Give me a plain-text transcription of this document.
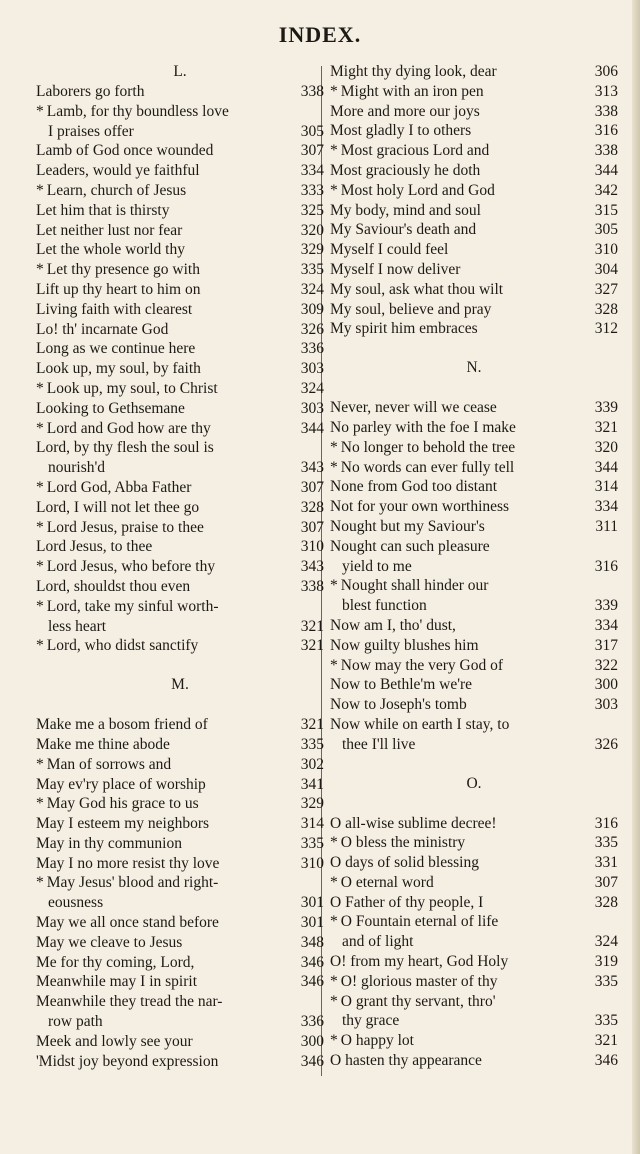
INDEX.
L.
Laborers go forth	338
* Lamb, for thy boundless love
I praises offer	305
Lamb of God once wounded	307
Leaders, would ye faithful	334
* Learn, church of Jesus	333
Let him that is thirsty	325
Let neither lust nor fear	320
Let the whole world thy	329
* Let thy presence go with	335
Lift up thy heart to him on	324
Living faith with clearest	309
Lo! th' incarnate God	326
Long as we continue here	336
Look up, my soul, by faith	303
* Look up, my soul, to Christ	324
Looking to Gethsemane	303
* Lord and God how are thy	344
Lord, by thy flesh the soul is
nourish'd	343
* Lord God, Abba Father	307
Lord, I will not let thee go	328
* Lord Jesus, praise to thee	307
Lord Jesus, to thee	310
* Lord Jesus, who before thy	343
Lord, shouldst thou even	338
* Lord, take my sinful worth-
less heart	321
* Lord, who didst sanctify	321
M.
Make me a bosom friend of	321
Make me thine abode	335
* Man of sorrows and	302
May ev'ry place of worship	341
* May God his grace to us	329
May I esteem my neighbors	314
May in thy communion	335
May I no more resist thy love	310
* May Jesus' blood and right-
eousness	301
May we all once stand before	301
May we cleave to Jesus	348
Me for thy coming, Lord,	346
Meanwhile may I in spirit	346
Meanwhile they tread the nar-
row path	336
Meek and lowly see your	300
'Midst joy beyond expression	346
Might thy dying look, dear	306
* Might with an iron pen	313
More and more our joys	338
Most gladly I to others	316
* Most gracious Lord and	338
Most graciously he doth	344
* Most holy Lord and God	342
My body, mind and soul	315
My Saviour's death and	305
Myself I could feel	310
Myself I now deliver	304
My soul, ask what thou wilt	327
My soul, believe and pray	328
My spirit him embraces	312
N.
Never, never will we cease	339
No parley with the foe I make	321
* No longer to behold the tree	320
* No words can ever fully tell	344
None from God too distant	314
Not for your own worthiness	334
Nought but my Saviour's	311
Nought can such pleasure
yield to me	316
* Nought shall hinder our
blest function	339
Now am I, tho' dust,	334
Now guilty blushes him	317
* Now may the very God of	322
Now to Bethle'm we're	300
Now to Joseph's tomb	303
Now while on earth I stay, to
thee I'll live	326
O.
O all-wise sublime decree!	316
* O bless the ministry	335
O days of solid blessing	331
* O eternal word	307
O Father of thy people, I	328
* O Fountain eternal of life
and of light	324
O! from my heart, God Holy	319
* O! glorious master of thy	335
* O grant thy servant, thro'
thy grace	335
* O happy lot	321
O hasten thy appearance	346
